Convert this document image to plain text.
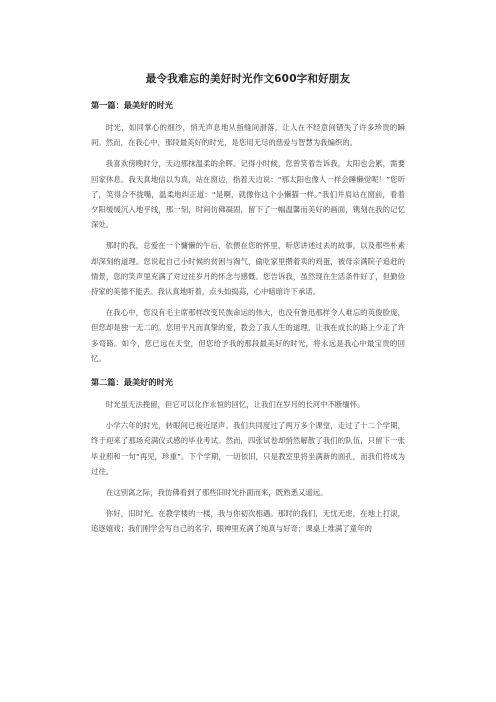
最令我难忘的美好时光作文600字和好朋友
第一篇：最美好的时光

时光，如同掌心的细沙，悄无声息地从指缝间滑落，让人在不经意间错失了许多珍贵的瞬间。然而，在我心中，那段最美好的时光，是您用无尽的慈爱与智慧为我编织的。

我喜欢傍晚时分，天边那抹温柔的余晖。记得小时候，您曾笑着告诉我，太阳也会累，需要回家休息。我天真地信以为真，站在窗边，指着天边说：“那太阳也像人一样会睡懒觉呢！”您听了，笑得合不拢嘴，温柔地纠正道：“是啊，就像你这个小懒猫一样。”我们并肩站在窗前，看着夕阳缓缓沉入地平线，那一刻，时间仿佛凝固，留下了一幅温馨而美好的画面，镌刻在我的记忆深处。

那时的我，总爱在一个慵懒的午后，依偎在您的怀里，听您讲述过去的故事，以及那些朴素却深刻的道理。您说起自己小时候的贫困与淘气，偷吃家里攒着卖的鸡蛋，被母亲满院子追赶的情景，您的笑声里充满了对过往岁月的怀念与感慨。您告诉我，虽然现在生活条件好了，但勤俭持家的美德不能丢。我认真地听着，点头如捣蒜，心中暗暗许下承诺。

在我心中，您没有毛主席那样改变民族命运的伟大，也没有鲁迅那样令人难忘的英俊脸庞，但您却是独一无二的。您用平凡而真挚的爱，教会了我人生的道理，让我在成长的路上少走了许多弯路。如今，您已远在天堂，但您给予我的那段最美好的时光，将永远是我心中最宝贵的回忆。

第二篇：最美好的时光

时光虽无法挽留，但它可以化作永恒的回忆，让我们在岁月的长河中不断缅怀。

小学六年的时光，转眼间已接近尾声。我们共同度过了两万多个课堂，走过了十二个学期，终于迎来了那场充满仪式感的毕业考试。然而，四张试卷却悄然解散了我们的队伍，只留下一张毕业照和一句“再见，珍重”。下个学期，一切依旧，只是教室里将坐满新的面孔，而我们将成为过往。

在这别离之际，我仿佛看到了那些旧时光扑面而来，既熟悉又遥远。

你好，旧时光。在教学楼的一楼，我与你初次相遇。那时的我们，无忧无虑，在地上打滚，追逐嬉戏；我们刚学会写自己的名字，眼神里充满了纯真与好奇；课桌上堆满了童年的
